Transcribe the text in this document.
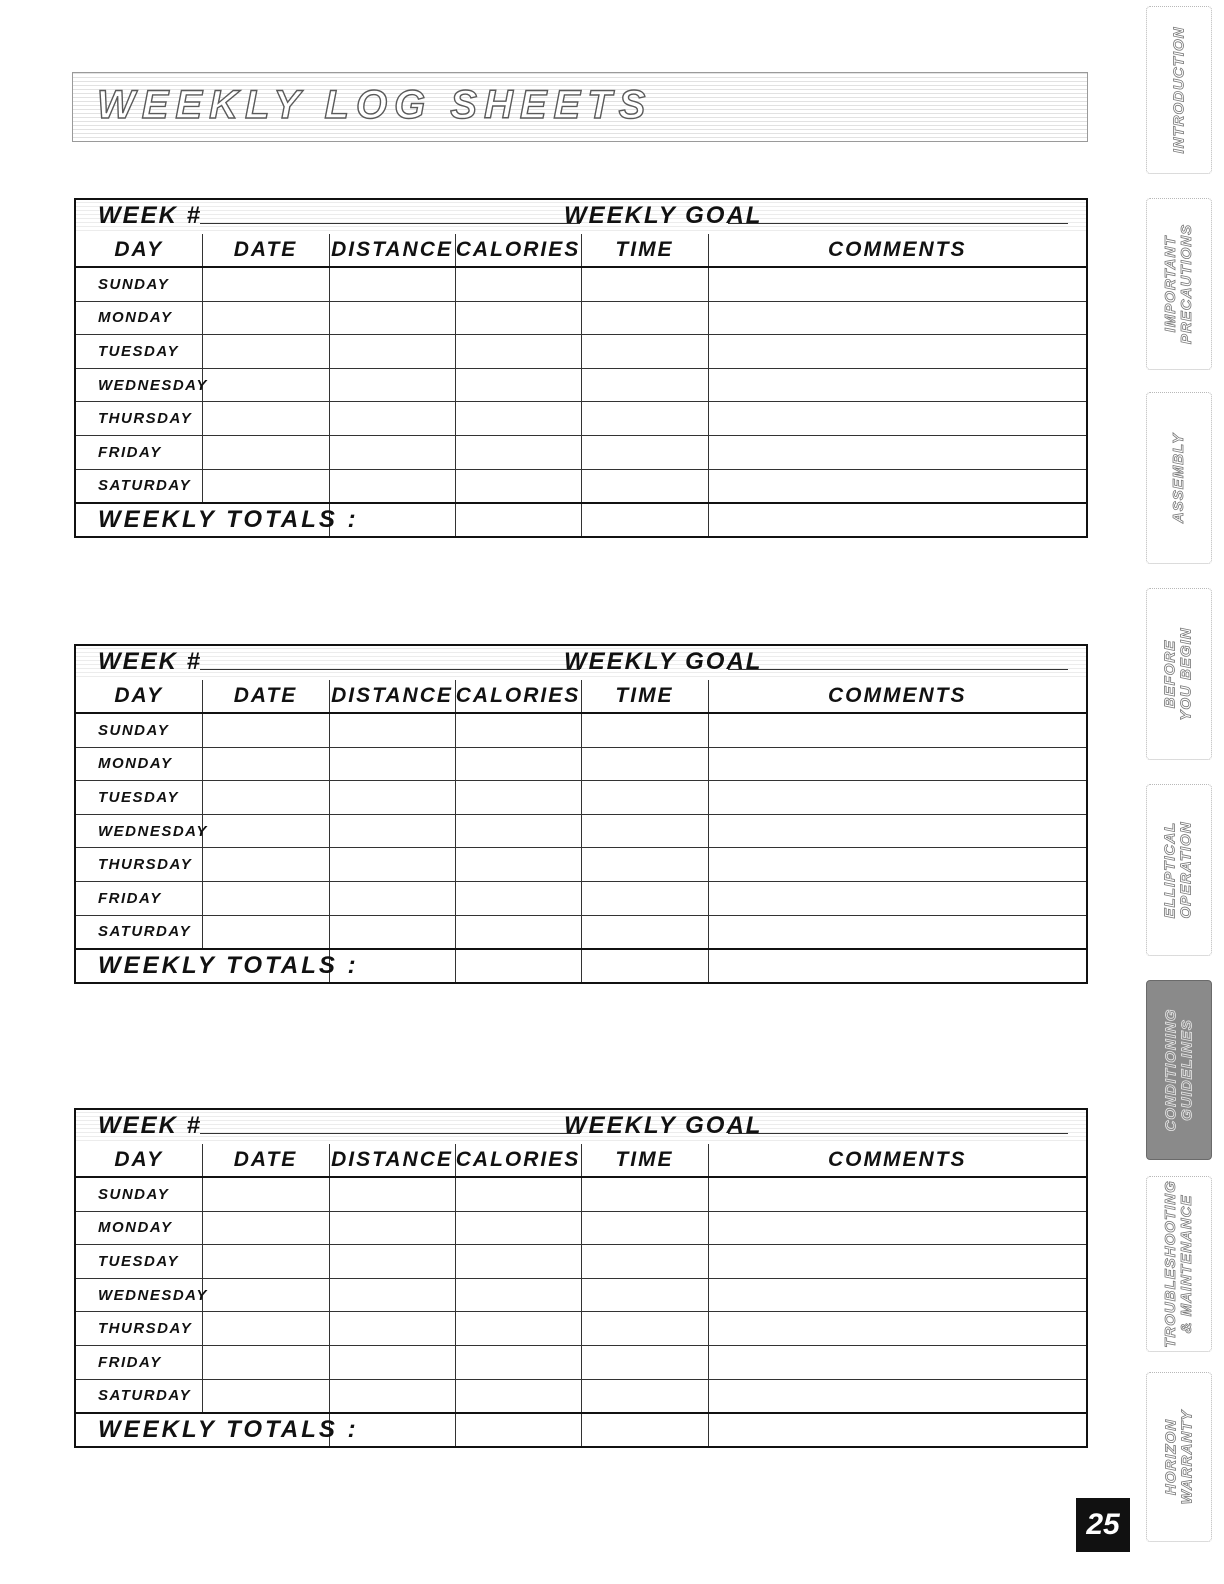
WEEKLY LOG SHEETS
WEEK #	WEEKLY GOAL
DAY	DATE	DISTANCE	CALORIES	TIME	COMMENTS
SUNDAY					
MONDAY					
TUESDAY					
WEDNESDAY					
THURSDAY					
FRIDAY					
SATURDAY					
WEEKLY TOTALS :					
WEEK #	WEEKLY GOAL
DAY	DATE	DISTANCE	CALORIES	TIME	COMMENTS
SUNDAY					
MONDAY					
TUESDAY					
WEDNESDAY					
THURSDAY					
FRIDAY					
SATURDAY					
WEEKLY TOTALS :					
WEEK #	WEEKLY GOAL
DAY	DATE	DISTANCE	CALORIES	TIME	COMMENTS
SUNDAY					
MONDAY					
TUESDAY					
WEDNESDAY					
THURSDAY					
FRIDAY					
SATURDAY					
WEEKLY TOTALS :					
INTRODUCTION
IMPORTANT PRECAUTIONS
ASSEMBLY
BEFORE YOU BEGIN
ELLIPTICAL OPERATION
CONDITIONING GUIDELINES
TROUBLESHOOTING & MAINTENANCE
HORIZON WARRANTY
25
